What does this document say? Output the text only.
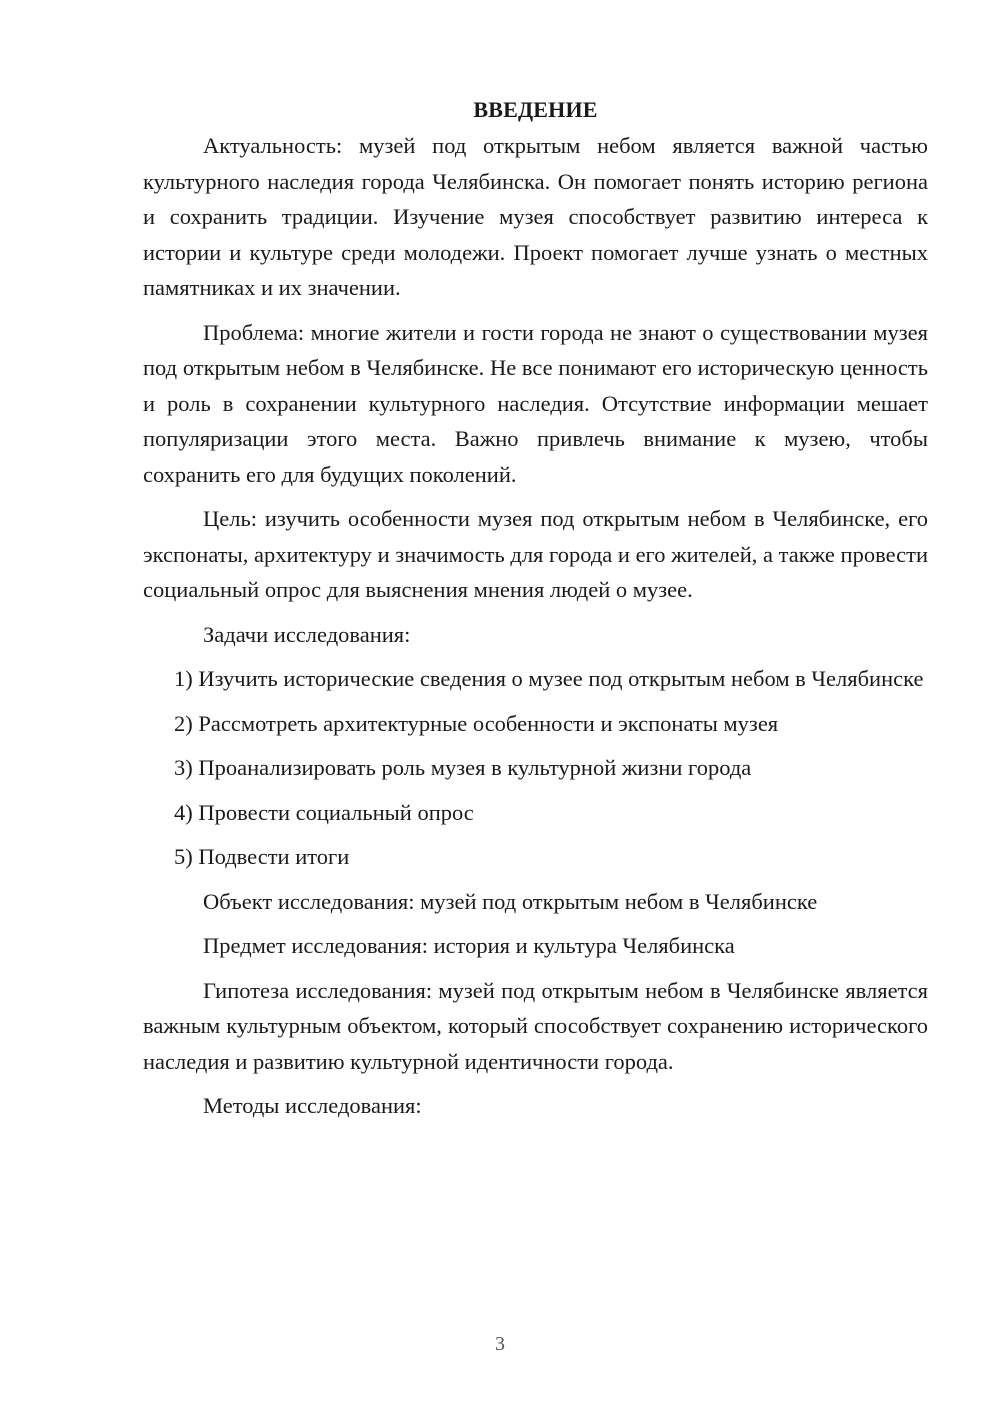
ВВЕДЕНИЕ

Актуальность: музей под открытым небом является важной частью культурного наследия города Челябинска. Он помогает понять историю региона и сохранить традиции. Изучение музея способствует развитию интереса к истории и культуре среди молодежи. Проект помогает лучше узнать о местных памятниках и их значении.

Проблема: многие жители и гости города не знают о существовании музея под открытым небом в Челябинске. Не все понимают его историческую ценность и роль в сохранении культурного наследия. Отсутствие информации мешает популяризации этого места. Важно привлечь внимание к музею, чтобы сохранить его для будущих поколений.

Цель: изучить особенности музея под открытым небом в Челябинске, его экспонаты, архитектуру и значимость для города и его жителей, а также провести социальный опрос для выяснения мнения людей о музее.

Задачи исследования:

1) Изучить исторические сведения о музее под открытым небом в Челябинске

2) Рассмотреть архитектурные особенности и экспонаты музея

3) Проанализировать роль музея в культурной жизни города

4) Провести социальный опрос

5) Подвести итоги

Объект исследования: музей под открытым небом в Челябинске

Предмет исследования: история и культура Челябинска

Гипотеза исследования: музей под открытым небом в Челябинске является важным культурным объектом, который способствует сохранению исторического наследия и развитию культурной идентичности города.

Методы исследования:

3
